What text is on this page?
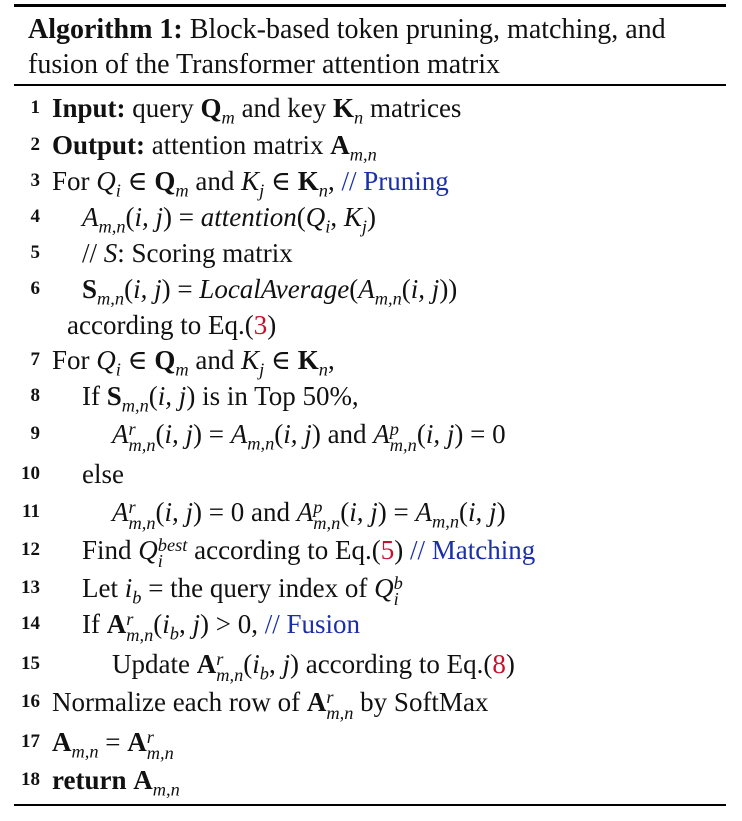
Algorithm 1: Block-based token pruning, matching, and fusion of the Transformer attention matrix
1 Input: query $Q_m$ and key $K_n$ matrices
2 Output: attention matrix $A_{m,n}$
3 For $Q_i$ ∈ $Q_m$ and $K_j$ ∈ $K_n$, // Pruning
4 $A_{m,n}(i$, $j) = attention(Q_i$, $K_j$)
5 // S: Scoring matrix
6 $S_{m,n}(i$, $j) = LocalAverage(A_{m,n}(i$, j))
according to Eq.(3)
7 For $Q_i$ ∈ $Q_m$ and $K_j$ ∈ $K_n$,
8 If $S_{m,n}(i$, j) is in Top 50%,
9	A r
m,n (i, $j) = A_{m,n}(i$, j) and A p
m,n (i, j) = 0
10 else
11	A r
m,n (i, j) = 0 and A p
m,n (i, $j) = A_{m,n}(i$, j)
12 Find Q best
i	according to Eq.(5) // Matching
13 Let $i_b$ = the query index of Q b
i
14 If A r
m,n ($i_b$, j) > 0, // Fusion
15	Update A r
m,n ($i_b$, j) according to Eq.(8)
16 Normalize each row of A r
m,n by SoftMax
17 $A_{m,n} = A$ r
m,n
18 return $A_{m,n}$
